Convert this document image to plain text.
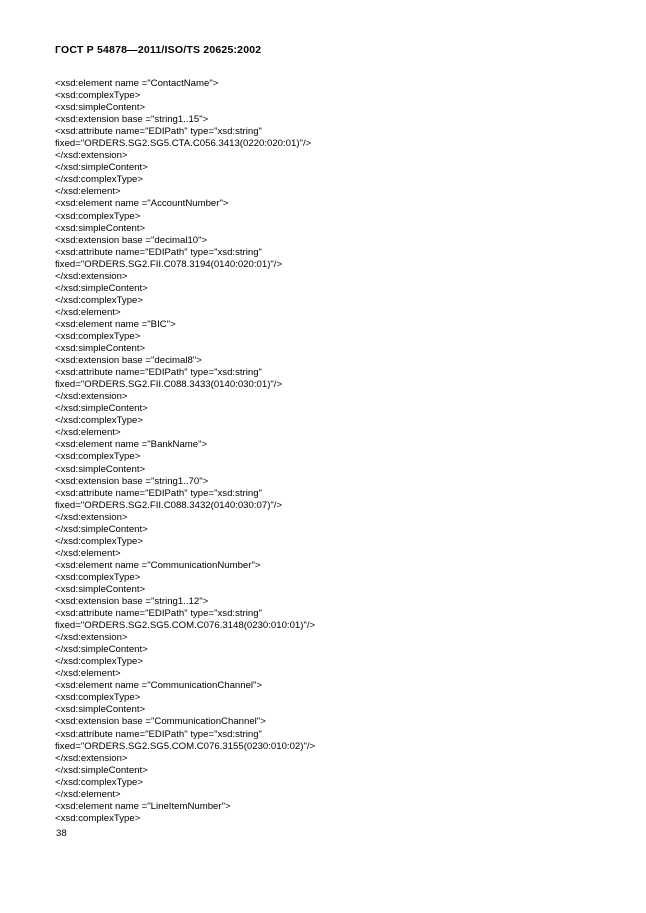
ГОСТ Р 54878—2011/ISO/TS 20625:2002
<xsd:element name ="ContactName">
<xsd:complexType>
<xsd:simpleContent>
<xsd:extension base ="string1..15">
<xsd:attribute name="EDIPath" type="xsd:string"
fixed="ORDERS.SG2.SG5.CTA.C056.3413(0220:020:01)"/>
</xsd:extension>
</xsd:simpleContent>
</xsd:complexType>
</xsd:element>
<xsd:element name ="AccountNumber">
<xsd:complexType>
<xsd:simpleContent>
<xsd:extension base ="decimal10">
<xsd:attribute name="EDIPath" type="xsd:string"
fixed="ORDERS.SG2.FII.C078.3194(0140:020:01)"/>
</xsd:extension>
</xsd:simpleContent>
</xsd:complexType>
</xsd:element>
<xsd:element name ="BIC">
<xsd:complexType>
<xsd:simpleContent>
<xsd:extension base ="decimal8">
<xsd:attribute name="EDIPath" type="xsd:string"
fixed="ORDERS.SG2.FII.C088.3433(0140:030:01)"/>
</xsd:extension>
</xsd:simpleContent>
</xsd:complexType>
</xsd:element>
<xsd:element name ="BankName">
<xsd:complexType>
<xsd:simpleContent>
<xsd:extension base ="string1..70">
<xsd:attribute name="EDIPath" type="xsd:string"
fixed="ORDERS.SG2.FII.C088.3432(0140:030:07)"/>
</xsd:extension>
</xsd:simpleContent>
</xsd:complexType>
</xsd:element>
<xsd:element name ="CommunicationNumber">
<xsd:complexType>
<xsd:simpleContent>
<xsd:extension base ="string1..12">
<xsd:attribute name="EDIPath" type="xsd:string"
fixed="ORDERS.SG2.SG5.COM.C076.3148(0230:010:01)"/>
</xsd:extension>
</xsd:simpleContent>
</xsd:complexType>
</xsd:element>
<xsd:element name ="CommunicationChannel">
<xsd:complexType>
<xsd:simpleContent>
<xsd:extension base ="CommunicationChannel">
<xsd:attribute name="EDIPath" type="xsd:string"
fixed="ORDERS.SG2.SG5.COM.C076.3155(0230:010:02)"/>
</xsd:extension>
</xsd:simpleContent>
</xsd:complexType>
</xsd:element>
<xsd:element name ="LineItemNumber">
<xsd:complexType>
38
